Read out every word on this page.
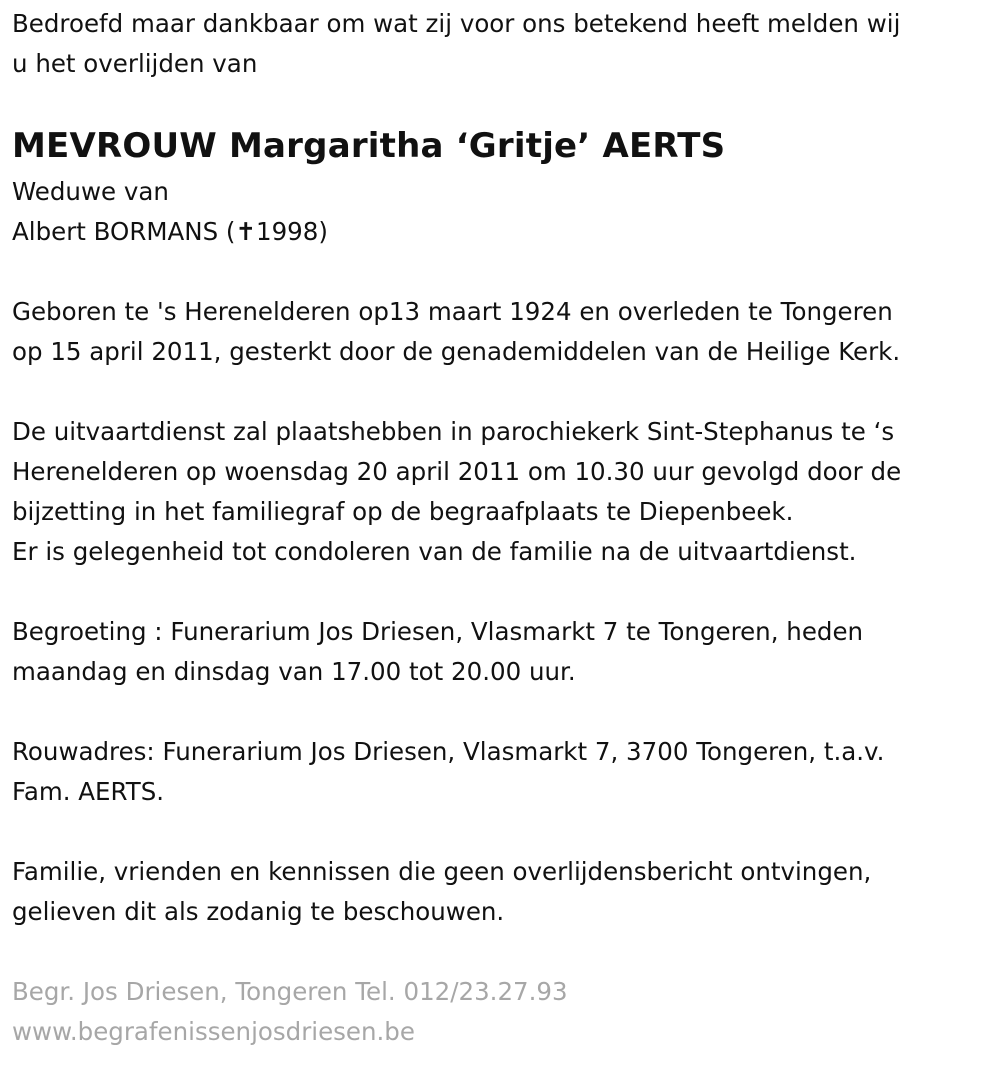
Bedroefd maar dankbaar om wat zij voor ons betekend heeft melden wij

u het overlijden van

MEVROUW Margaritha ‘Gritje’ AERTS

Weduwe van

Albert BORMANS (✝1998)

Geboren te 's Herenelderen op13 maart 1924 en overleden te Tongeren

op 15 april 2011, gesterkt door de genademiddelen van de Heilige Kerk.

De uitvaartdienst zal plaatshebben in parochiekerk Sint-Stephanus te ‘s

Herenelderen op woensdag 20 april 2011 om 10.30 uur gevolgd door de

bijzetting in het familiegraf op de begraafplaats te Diepenbeek.

Er is gelegenheid tot condoleren van de familie na de uitvaartdienst.

Begroeting : Funerarium Jos Driesen, Vlasmarkt 7 te Tongeren, heden

maandag en dinsdag van 17.00 tot 20.00 uur.

Rouwadres: Funerarium Jos Driesen, Vlasmarkt 7, 3700 Tongeren, t.a.v.

Fam. AERTS.

Familie, vrienden en kennissen die geen overlijdensbericht ontvingen,

gelieven dit als zodanig te beschouwen.

Begr. Jos Driesen, Tongeren Tel. 012/23.27.93

www.begrafenissenjosdriesen.be
